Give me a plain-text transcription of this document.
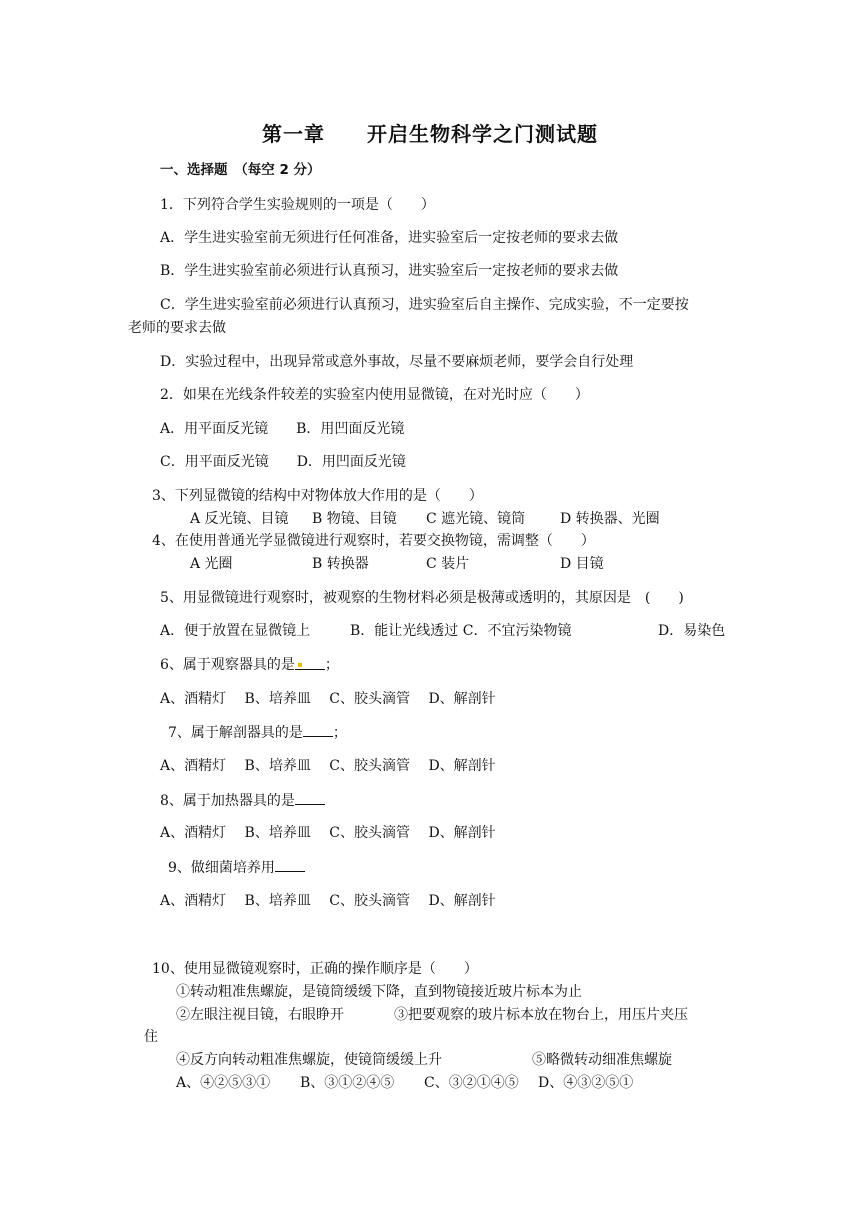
第一章　　开启生物科学之门测试题
一、选择题　（每空 2 分）
1．下列符合学生实验规则的一项是（　　）
A．学生进实验室前无须进行任何准备，进实验室后一定按老师的要求去做
B．学生进实验室前必须进行认真预习，进实验室后一定按老师的要求去做
C．学生进实验室前必须进行认真预习，进实验室后自主操作、完成实验，不一定要按
老师的要求去做
D．实验过程中，出现异常或意外事故，尽量不要麻烦老师，要学会自行处理
2．如果在光线条件较差的实验室内使用显微镜，在对光时应（　　）
A．用平面反光镜　　B．用凹面反光镜
C．用平面反光镜　　D．用凹面反光镜
3、下列显微镜的结构中对物体放大作用的是（　　）
A 反光镜、目镜	B 物镜、目镜	C 遮光镜、镜筒	D 转换器、光圈
4、在使用普通光学显微镜进行观察时，若要交换物镜，需调整（　　）
A 光圈	B 转换器	C 装片	D 目镜
5、用显微镜进行观察时，被观察的生物材料必须是极薄或透明的，其原因是　(　　)
A．便于放置在显微镜上	B．能让光线透过 C．不宜污染物镜	D．易染色
6、属于观察器具的是 ；
A、酒精灯　 B、培养皿　 C、胶头滴管　 D、解剖针
7、属于解剖器具的是 ；
A、酒精灯　 B、培养皿　 C、胶头滴管　 D、解剖针
8、属于加热器具的是
A、酒精灯　 B、培养皿　 C、胶头滴管　 D、解剖针
9、做细菌培养用
A、酒精灯　 B、培养皿　 C、胶头滴管　 D、解剖针
10、使用显微镜观察时，正确的操作顺序是（　　）
①转动粗准焦螺旋，是镜筒缓缓下降，直到物镜接近玻片标本为止
②左眼注视目镜，右眼睁开	③把要观察的玻片标本放在物台上，用压片夹压
住
④反方向转动粗准焦螺旋，使镜筒缓缓上升	⑤略微转动细准焦螺旋
A、④②⑤③①	B、③①②④⑤	C、③②①④⑤	D、④③②⑤①
